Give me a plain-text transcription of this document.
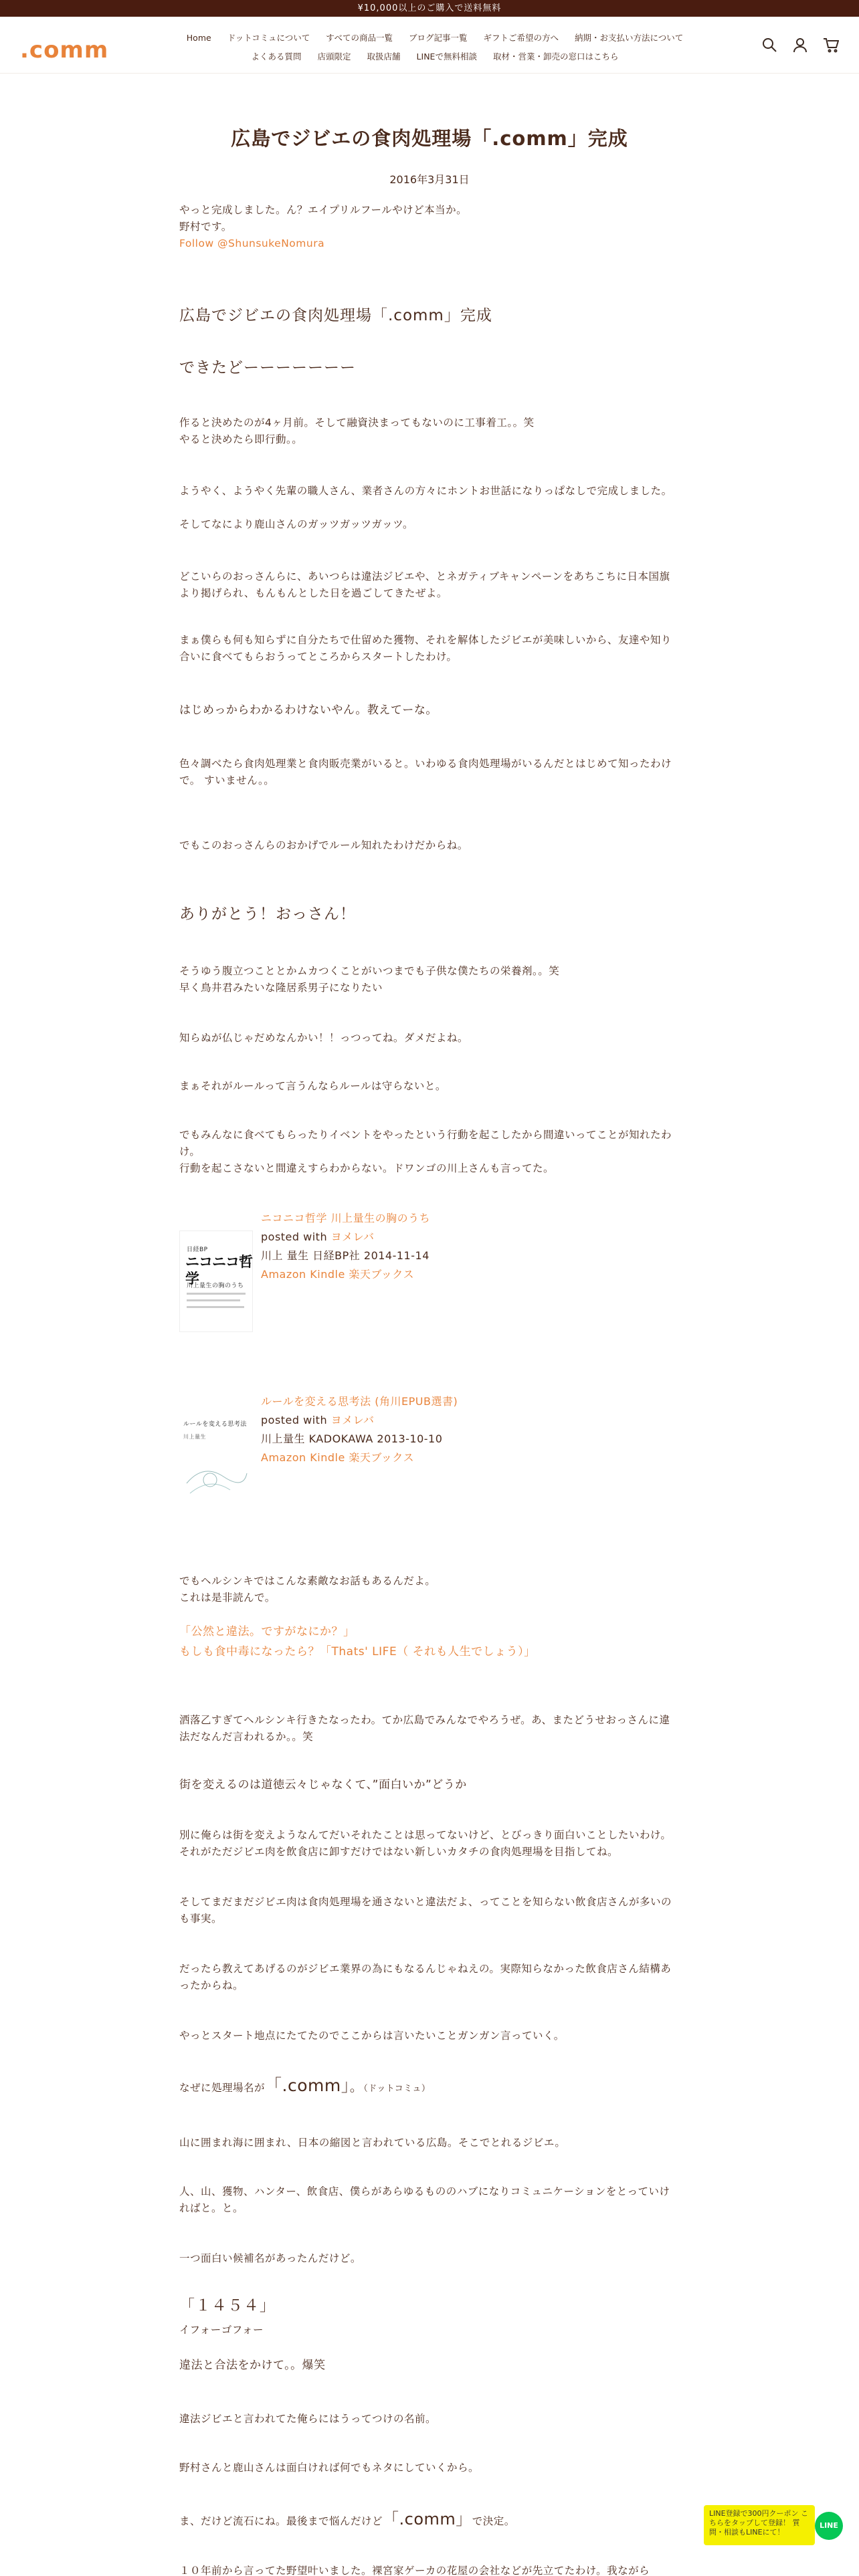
¥10,000以上のご購入で送料無料
.comm	Home ドットコミュについて すべての商品一覧 ブログ記事一覧 ギフトご希望の方へ 納期・お支払い方法について
よくある質問 店頭限定 取扱店舗 LINEで無料相談 取材・営業・卸売の窓口はこちら
広島でジビエの食肉処理場「.comm」完成
2016年3月31日

やっと完成しました。ん？エイプリルフールやけど本当か。

野村です。

Follow @ShunsukeNomura

広島でジビエの食肉処理場「.comm」完成

できたどーーーーーーー

作ると決めたのが4ヶ月前。そして融資決まってもないのに工事着工。。笑

やると決めたら即行動。。

ようやく、ようやく先輩の職人さん、業者さんの方々にホントお世話になりっぱなしで完成しました。

そしてなにより鹿山さんのガッツガッツガッツ。

どこいらのおっさんらに、あいつらは違法ジビエや、とネガティブキャンペーンをあちこちに日本国旗より掲げられ、もんもんとした日を過ごしてきたぜよ。

まぁ僕らも何も知らずに自分たちで仕留めた獲物、それを解体したジビエが美味しいから、友達や知り合いに食べてもらおうってところからスタートしたわけ。

はじめっからわかるわけないやん。教えてーな。

色々調べたら食肉処理業と食肉販売業がいると。いわゆる食肉処理場がいるんだとはじめて知ったわけで。 すいません。。

でもこのおっさんらのおかげでルール知れたわけだからね。

ありがとう！おっさん！

そうゆう腹立つこととかムカつくことがいつまでも子供な僕たちの栄養剤。。笑

早く鳥井君みたいな隆居系男子になりたい

知らぬが仏じゃだめなんかい！！っつってね。ダメだよね。

まぁそれがルールって言うんならルールは守らないと。

でもみんなに食べてもらったりイベントをやったという行動を起こしたから間違いってことが知れたわけ。

行動を起こさないと間違えすらわからない。ドワンゴの川上さんも言ってた。

日経BP
ニコニコ哲学
川上量生の胸のうち
ニコニコ哲学 川上量生の胸のうち
posted with ヨメレバ
川上 量生 日経BP社 2014-11-14
Amazon Kindle 楽天ブックス
ルールを変える思考法
川上量生
ルールを変える思考法 (角川EPUB選書)
posted with ヨメレバ
川上量生 KADOKAWA 2013-10-10
Amazon Kindle 楽天ブックス

でもヘルシンキではこんな素敵なお話もあるんだよ。

これは是非読んで。

「公然と違法。ですがなにか？」

もしも食中毒になったら？「Thats' LIFE（ それも人生でしょう）」

洒落乙すぎてヘルシンキ行きたなったわ。てか広島でみんなでやろうぜ。あ、またどうせおっさんに違法だなんだ言われるか。。笑

街を変えるのは道徳云々じゃなくて、”面白いか”どうか

別に俺らは街を変えようなんてだいそれたことは思ってないけど、とびっきり面白いことしたいわけ。それがただジビエ肉を飲食店に卸すだけではない新しいカタチの食肉処理場を目指してね。

そしてまだまだジビエ肉は食肉処理場を通さないと違法だよ、ってことを知らない飲食店さんが多いのも事実。

だったら教えてあげるのがジビエ業界の為にもなるんじゃねえの。実際知らなかった飲食店さん結構あったからね。

やっとスタート地点にたてたのでここからは言いたいことガンガン言っていく。

なぜに処理場名が「.comm」。（ドットコミュ）

山に囲まれ海に囲まれ、日本の縮図と言われている広島。そこでとれるジビエ。

人、山、獲物、ハンター、飲食店、僕らがあらゆるもののハブになりコミュニケーションをとっていければと。と。

一つ面白い候補名があったんだけど。

「１４５４」

イフォーゴフォー

違法と合法をかけて。。爆笑

違法ジビエと言われてた俺らにはうってつけの名前。

野村さんと鹿山さんは面白ければ何でもネタにしていくから。

ま、だけど流石にね。最後まで悩んだけど「.comm」で決定。

１０年前から言ってた野望叶いました。裸宮家ゲーカの花屋の会社などが先立てたわけ。我ながら

LINE登録で300円クーポン こちらをタップして登録！ 質問・相談もLINEにて！
LINE
